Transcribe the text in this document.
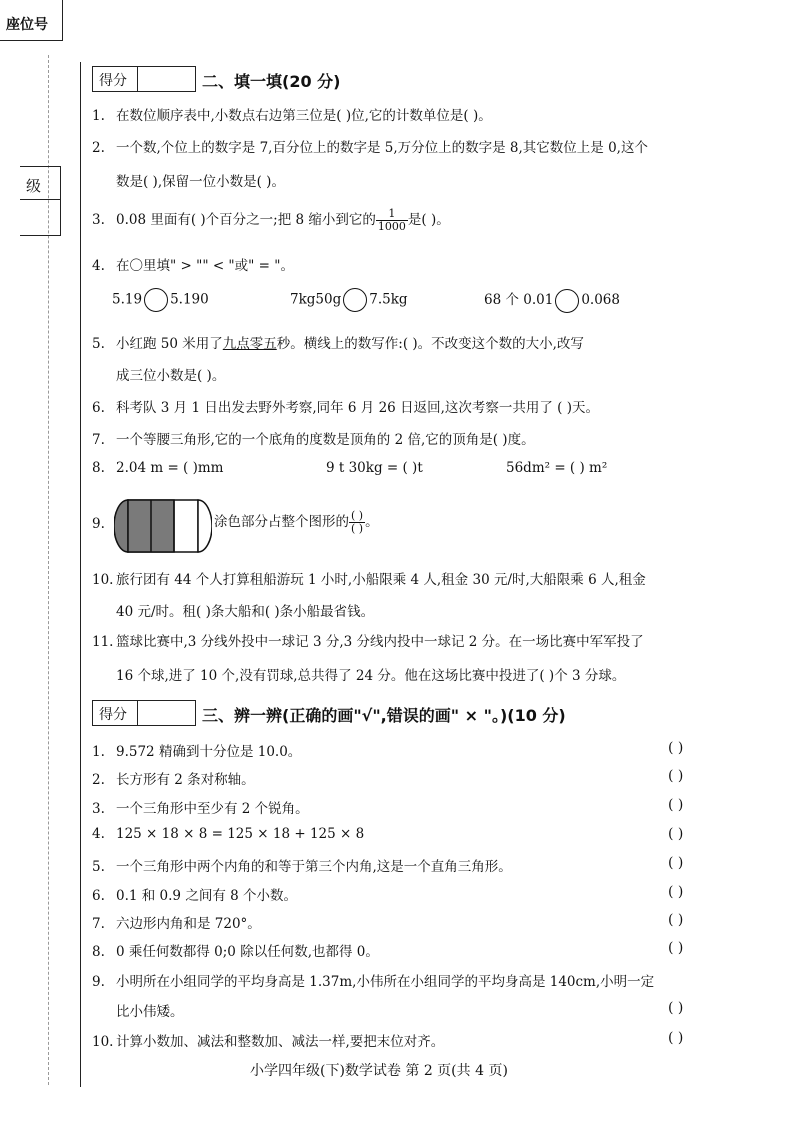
座位号
级
得分	二、填一填(20 分)
1. 在数位顺序表中,小数点右边第三位是( )位,它的计数单位是( )。
2. 一个数,个位上的数字是 7,百分位上的数字是 5,万分位上的数字是 8,其它数位上是 0,这个
数是( ),保留一位小数是( )。
3. 0.08 里面有( )个百分之一;把 8 缩小到它的 $\frac{1}{1000}$ 是( )。
4. 在〇里填" > "" < "或" = "。
5.19 5.190	7kg50g 7.5kg	68 个 0.01 0.068
5. 小红跑 50 米用了九点零五秒。横线上的数写作:( )。不改变这个数的大小,改写
成三位小数是( )。
6. 科考队 3 月 1 日出发去野外考察,同年 6 月 26 日返回,这次考察一共用了 ( )天。
7. 一个等腰三角形,它的一个底角的度数是顶角的 2 倍,它的顶角是( )度。
8. 2.04 m = ( )mm	9 t 30kg = ( )t	56dm² = ( ) m²
9.	涂色部分占整个图形的 $\frac{( )}{( )}$ 。
10. 旅行团有 44 个人打算租船游玩 1 小时,小船限乘 4 人,租金 30 元/时,大船限乘 6 人,租金
40 元/时。租( )条大船和( )条小船最省钱。
11. 篮球比赛中,3 分线外投中一球记 3 分,3 分线内投中一球记 2 分。在一场比赛中军军投了
16 个球,进了 10 个,没有罚球,总共得了 24 分。他在这场比赛中投进了( )个 3 分球。
得分	三、辨一辨(正确的画"√",错误的画" × "。)(10 分)
1. 9.572 精确到十分位是 10.0。	( )
2. 长方形有 2 条对称轴。	( )
3. 一个三角形中至少有 2 个锐角。	( )
4. 125 × 18 × 8 = 125 × 18 + 125 × 8	( )
5. 一个三角形中两个内角的和等于第三个内角,这是一个直角三角形。	( )
6. 0.1 和 0.9 之间有 8 个小数。	( )
7. 六边形内角和是 720°。	( )
8. 0 乘任何数都得 0;0 除以任何数,也都得 0。	( )
9. 小明所在小组同学的平均身高是 1.37m,小伟所在小组同学的平均身高是 140cm,小明一定
比小伟矮。	( )
10. 计算小数加、减法和整数加、减法一样,要把末位对齐。	( )
小学四年级(下)数学试卷 第 2 页(共 4 页)
